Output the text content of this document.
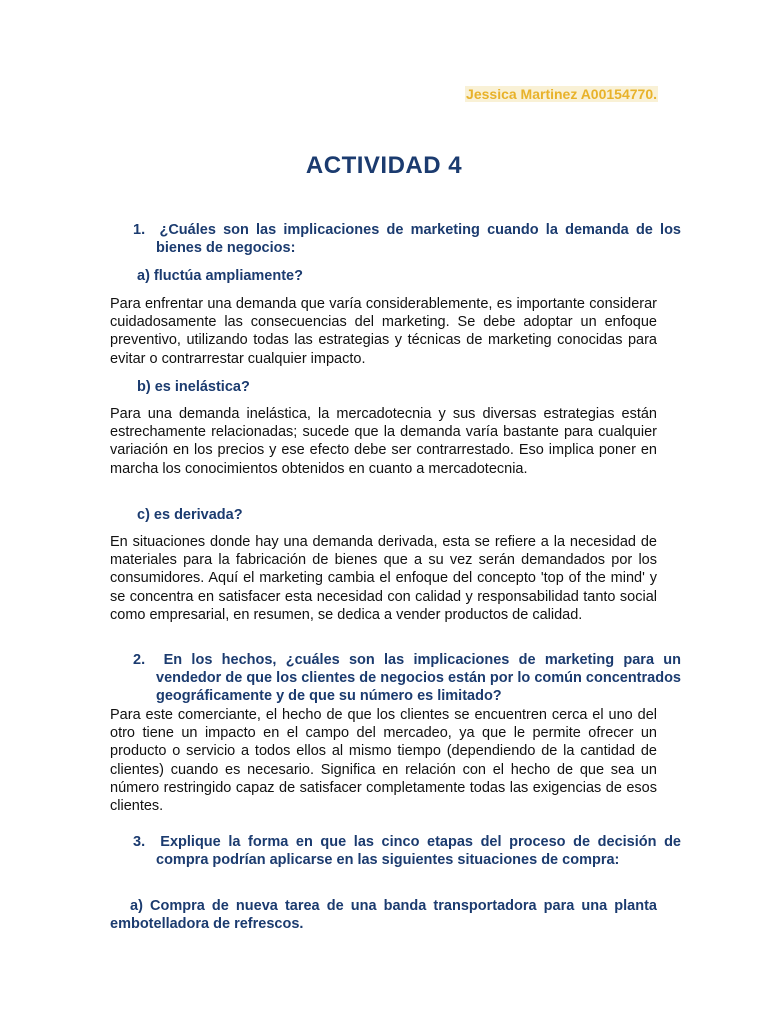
Jessica Martinez A00154770.
ACTIVIDAD 4
1.  ¿Cuáles son las implicaciones de marketing cuando la demanda de los bienes de negocios:
a) fluctúa ampliamente?
Para enfrentar una demanda que varía considerablemente, es importante considerar cuidadosamente las consecuencias del marketing. Se debe adoptar un enfoque preventivo, utilizando todas las estrategias y técnicas de marketing conocidas para evitar o contrarrestar cualquier impacto.
b) es inelástica?
Para una demanda inelástica, la mercadotecnia y sus diversas estrategias están estrechamente relacionadas; sucede que la demanda varía bastante para cualquier variación en los precios y ese efecto debe ser contrarrestado. Eso implica poner en marcha los conocimientos obtenidos en cuanto a mercadotecnia.
c) es derivada?
En situaciones donde hay una demanda derivada, esta se refiere a la necesidad de materiales para la fabricación de bienes que a su vez serán demandados por los consumidores. Aquí el marketing cambia el enfoque del concepto 'top of the mind' y se concentra en satisfacer esta necesidad con calidad y responsabilidad tanto social como empresarial, en resumen, se dedica a vender productos de calidad.
2.  En los hechos, ¿cuáles son las implicaciones de marketing para un vendedor de que los clientes de negocios están por lo común concentrados geográficamente y de que su número es limitado?
Para este comerciante, el hecho de que los clientes se encuentren cerca el uno del otro tiene un impacto en el campo del mercadeo, ya que le permite ofrecer un producto o servicio a todos ellos al mismo tiempo (dependiendo de la cantidad de clientes) cuando es necesario. Significa en relación con el hecho de que sea un número restringido capaz de satisfacer completamente todas las exigencias de esos clientes.
3.  Explique la forma en que las cinco etapas del proceso de decisión de compra podrían aplicarse en las siguientes situaciones de compra:
a) Compra de nueva tarea de una banda transportadora para una planta embotelladora de refrescos.
